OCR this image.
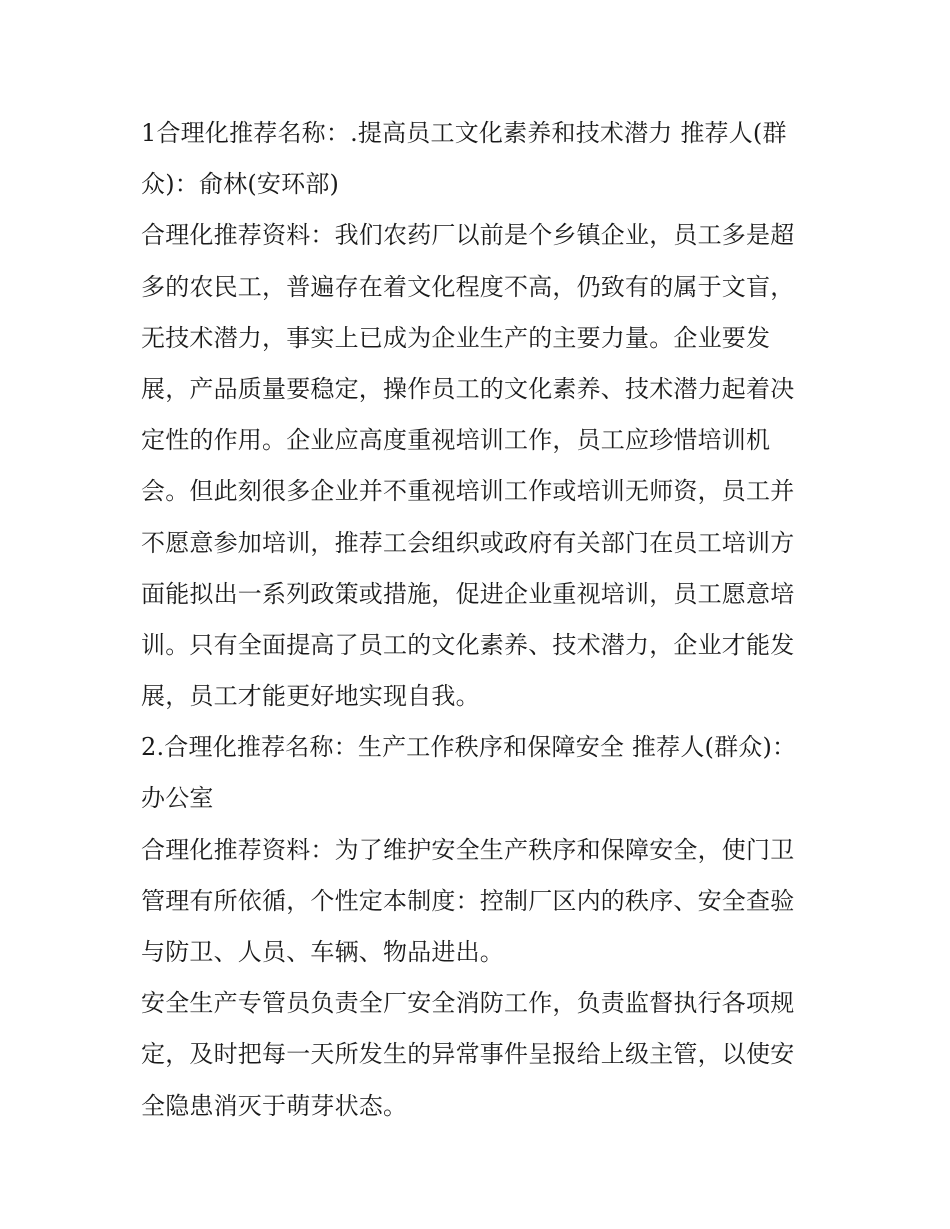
1合理化推荐名称：.提高员工文化素养和技术潜力 推荐人(群
众)：俞林(安环部)
合理化推荐资料：我们农药厂以前是个乡镇企业，员工多是超
多的农民工，普遍存在着文化程度不高，仍致有的属于文盲，
无技术潜力，事实上已成为企业生产的主要力量。企业要发
展，产品质量要稳定，操作员工的文化素养、技术潜力起着决
定性的作用。企业应高度重视培训工作，员工应珍惜培训机
会。但此刻很多企业并不重视培训工作或培训无师资，员工并
不愿意参加培训，推荐工会组织或政府有关部门在员工培训方
面能拟出一系列政策或措施，促进企业重视培训，员工愿意培
训。只有全面提高了员工的文化素养、技术潜力，企业才能发
展，员工才能更好地实现自我。
2.合理化推荐名称：生产工作秩序和保障安全 推荐人(群众)：
办公室
合理化推荐资料：为了维护安全生产秩序和保障安全，使门卫
管理有所依循，个性定本制度：控制厂区内的秩序、安全查验
与防卫、人员、车辆、物品进出。
安全生产专管员负责全厂安全消防工作，负责监督执行各项规
定，及时把每一天所发生的异常事件呈报给上级主管，以使安
全隐患消灭于萌芽状态。
